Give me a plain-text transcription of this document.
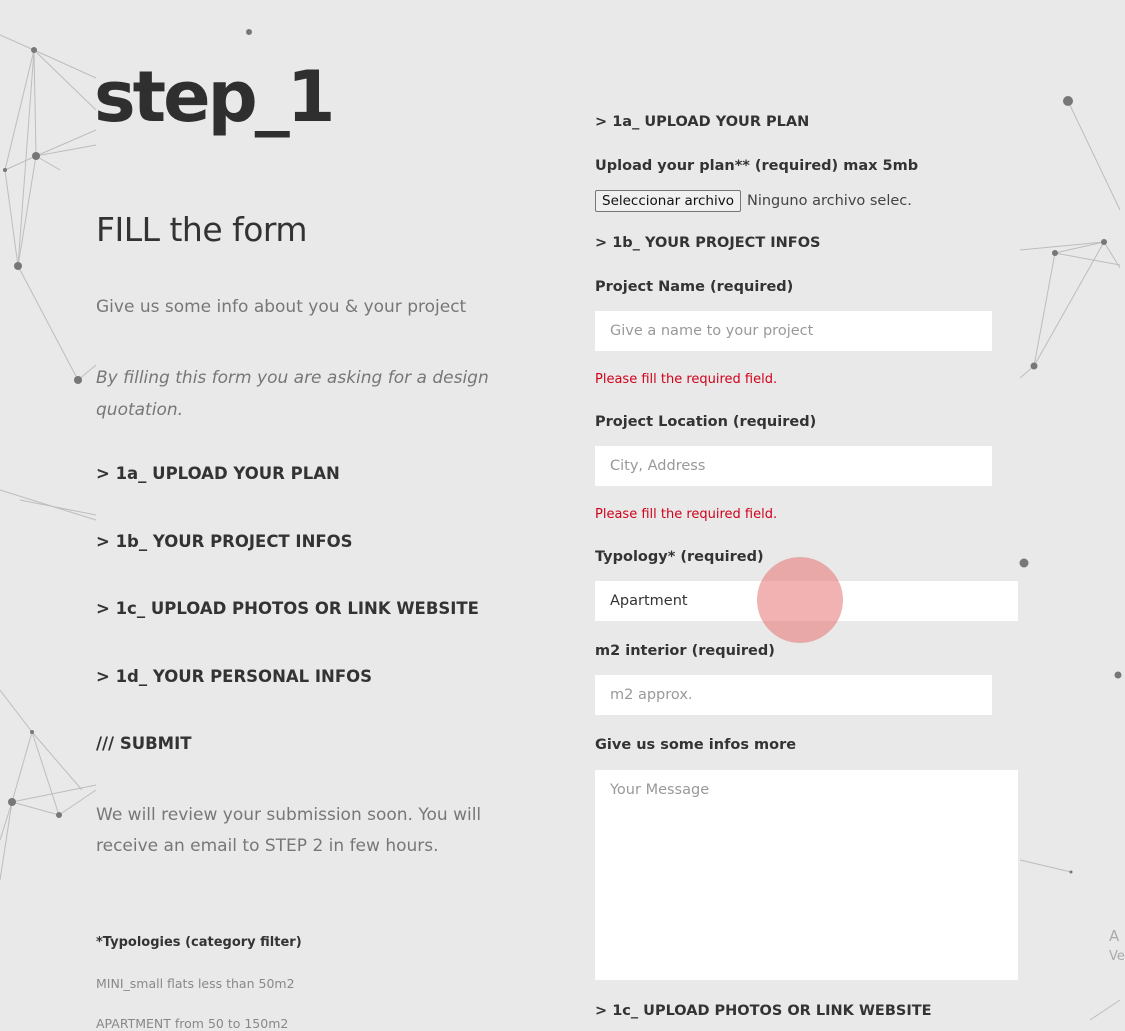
step_1
FILL the form
Give us some info about you & your project
By filling this form you are asking for a design quotation.
> 1a_ UPLOAD YOUR PLAN
> 1b_ YOUR PROJECT INFOS
> 1c_ UPLOAD PHOTOS OR LINK WEBSITE
> 1d_ YOUR PERSONAL INFOS
/// SUBMIT
We will review your submission soon. You will receive an email to STEP 2 in few hours.
*Typologies (category filter)
MINI_small flats less than 50m2
APARTMENT from 50 to 150m2
> 1a_ UPLOAD YOUR PLAN
Upload your plan** (required) max 5mb
Seleccionar archivo Ninguno archivo selec.
> 1b_ YOUR PROJECT INFOS
Project Name (required)
Give a name to your project
Please fill the required field.
Project Location (required)
City, Address
Please fill the required field.
Typology* (required)
Apartment
m2 interior (required)
m2 approx.
Give us some infos more
Your Message
> 1c_ UPLOAD PHOTOS OR LINK WEBSITE
A
Ve
